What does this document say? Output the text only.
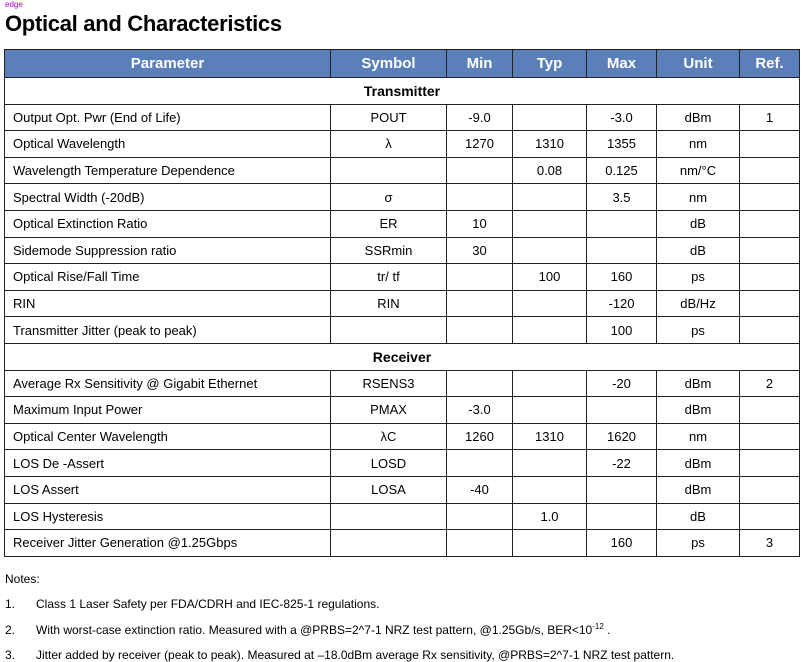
edge
Optical and Characteristics
Parameter	Symbol	Min	Typ	Max	Unit	Ref.
Transmitter						
Output Opt. Pwr (End of Life)	POUT	-9.0		-3.0	dBm	1
Optical Wavelength	λ	1270	1310	1355	nm	
Wavelength Temperature Dependence			0.08	0.125	nm/°C	
Spectral Width (-20dB)	σ			3.5	nm	
Optical Extinction Ratio	ER	10			dB	
Sidemode Suppression ratio	SSRmin	30			dB	
Optical Rise/Fall Time	tr/ tf		100	160	ps	
RIN	RIN			-120	dB/Hz	
Transmitter Jitter (peak to peak)				100	ps	
Receiver						
Average Rx Sensitivity @ Gigabit Ethernet	RSENS3			-20	dBm	2
Maximum Input Power	PMAX	-3.0			dBm	
Optical Center Wavelength	λC	1260	1310	1620	nm	
LOS De -Assert	LOSD			-22	dBm	
LOS Assert	LOSA	-40			dBm	
LOS Hysteresis			1.0		dB	
Receiver Jitter Generation @1.25Gbps				160	ps	3
Notes:
1. Class 1 Laser Safety per FDA/CDRH and IEC-825-1 regulations.
2. With worst-case extinction ratio. Measured with a @PRBS=2^7-1 NRZ test pattern, @1.25Gb/s, $BER<10^{-12}$ .
3. Jitter added by receiver (peak to peak). Measured at –18.0dBm average Rx sensitivity, @PRBS=2^7-1 NRZ test pattern.
